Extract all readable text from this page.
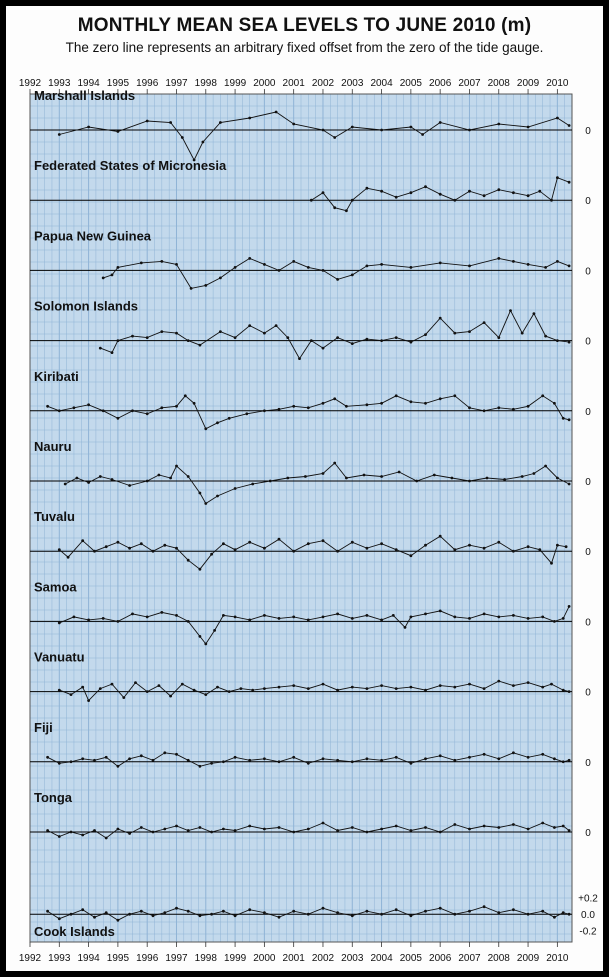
MONTHLY MEAN SEA LEVELS TO JUNE 2010 (m)
The zero line represents an arbitrary fixed offset from the zero of the tide gauge.
1992
1992
1993
1993
1994
1994
1995
1995
1996
1996
1997
1997
1998
1998
1999
1999
2000
2000
2001
2001
2002
2002
2003
2003
2004
2004
2005
2005
2006
2006
2007
2007
2008
2008
2009
2009
2010
2010
Marshall Islands
0
Federated States of Micronesia
0
Papua New Guinea
0
Solomon Islands
0
Kiribati
0
Nauru
0
Tuvalu
0
Samoa
0
Vanuatu
0
Fiji
0
Tonga
0
Cook Islands
+0.2
0.0
-0.2
